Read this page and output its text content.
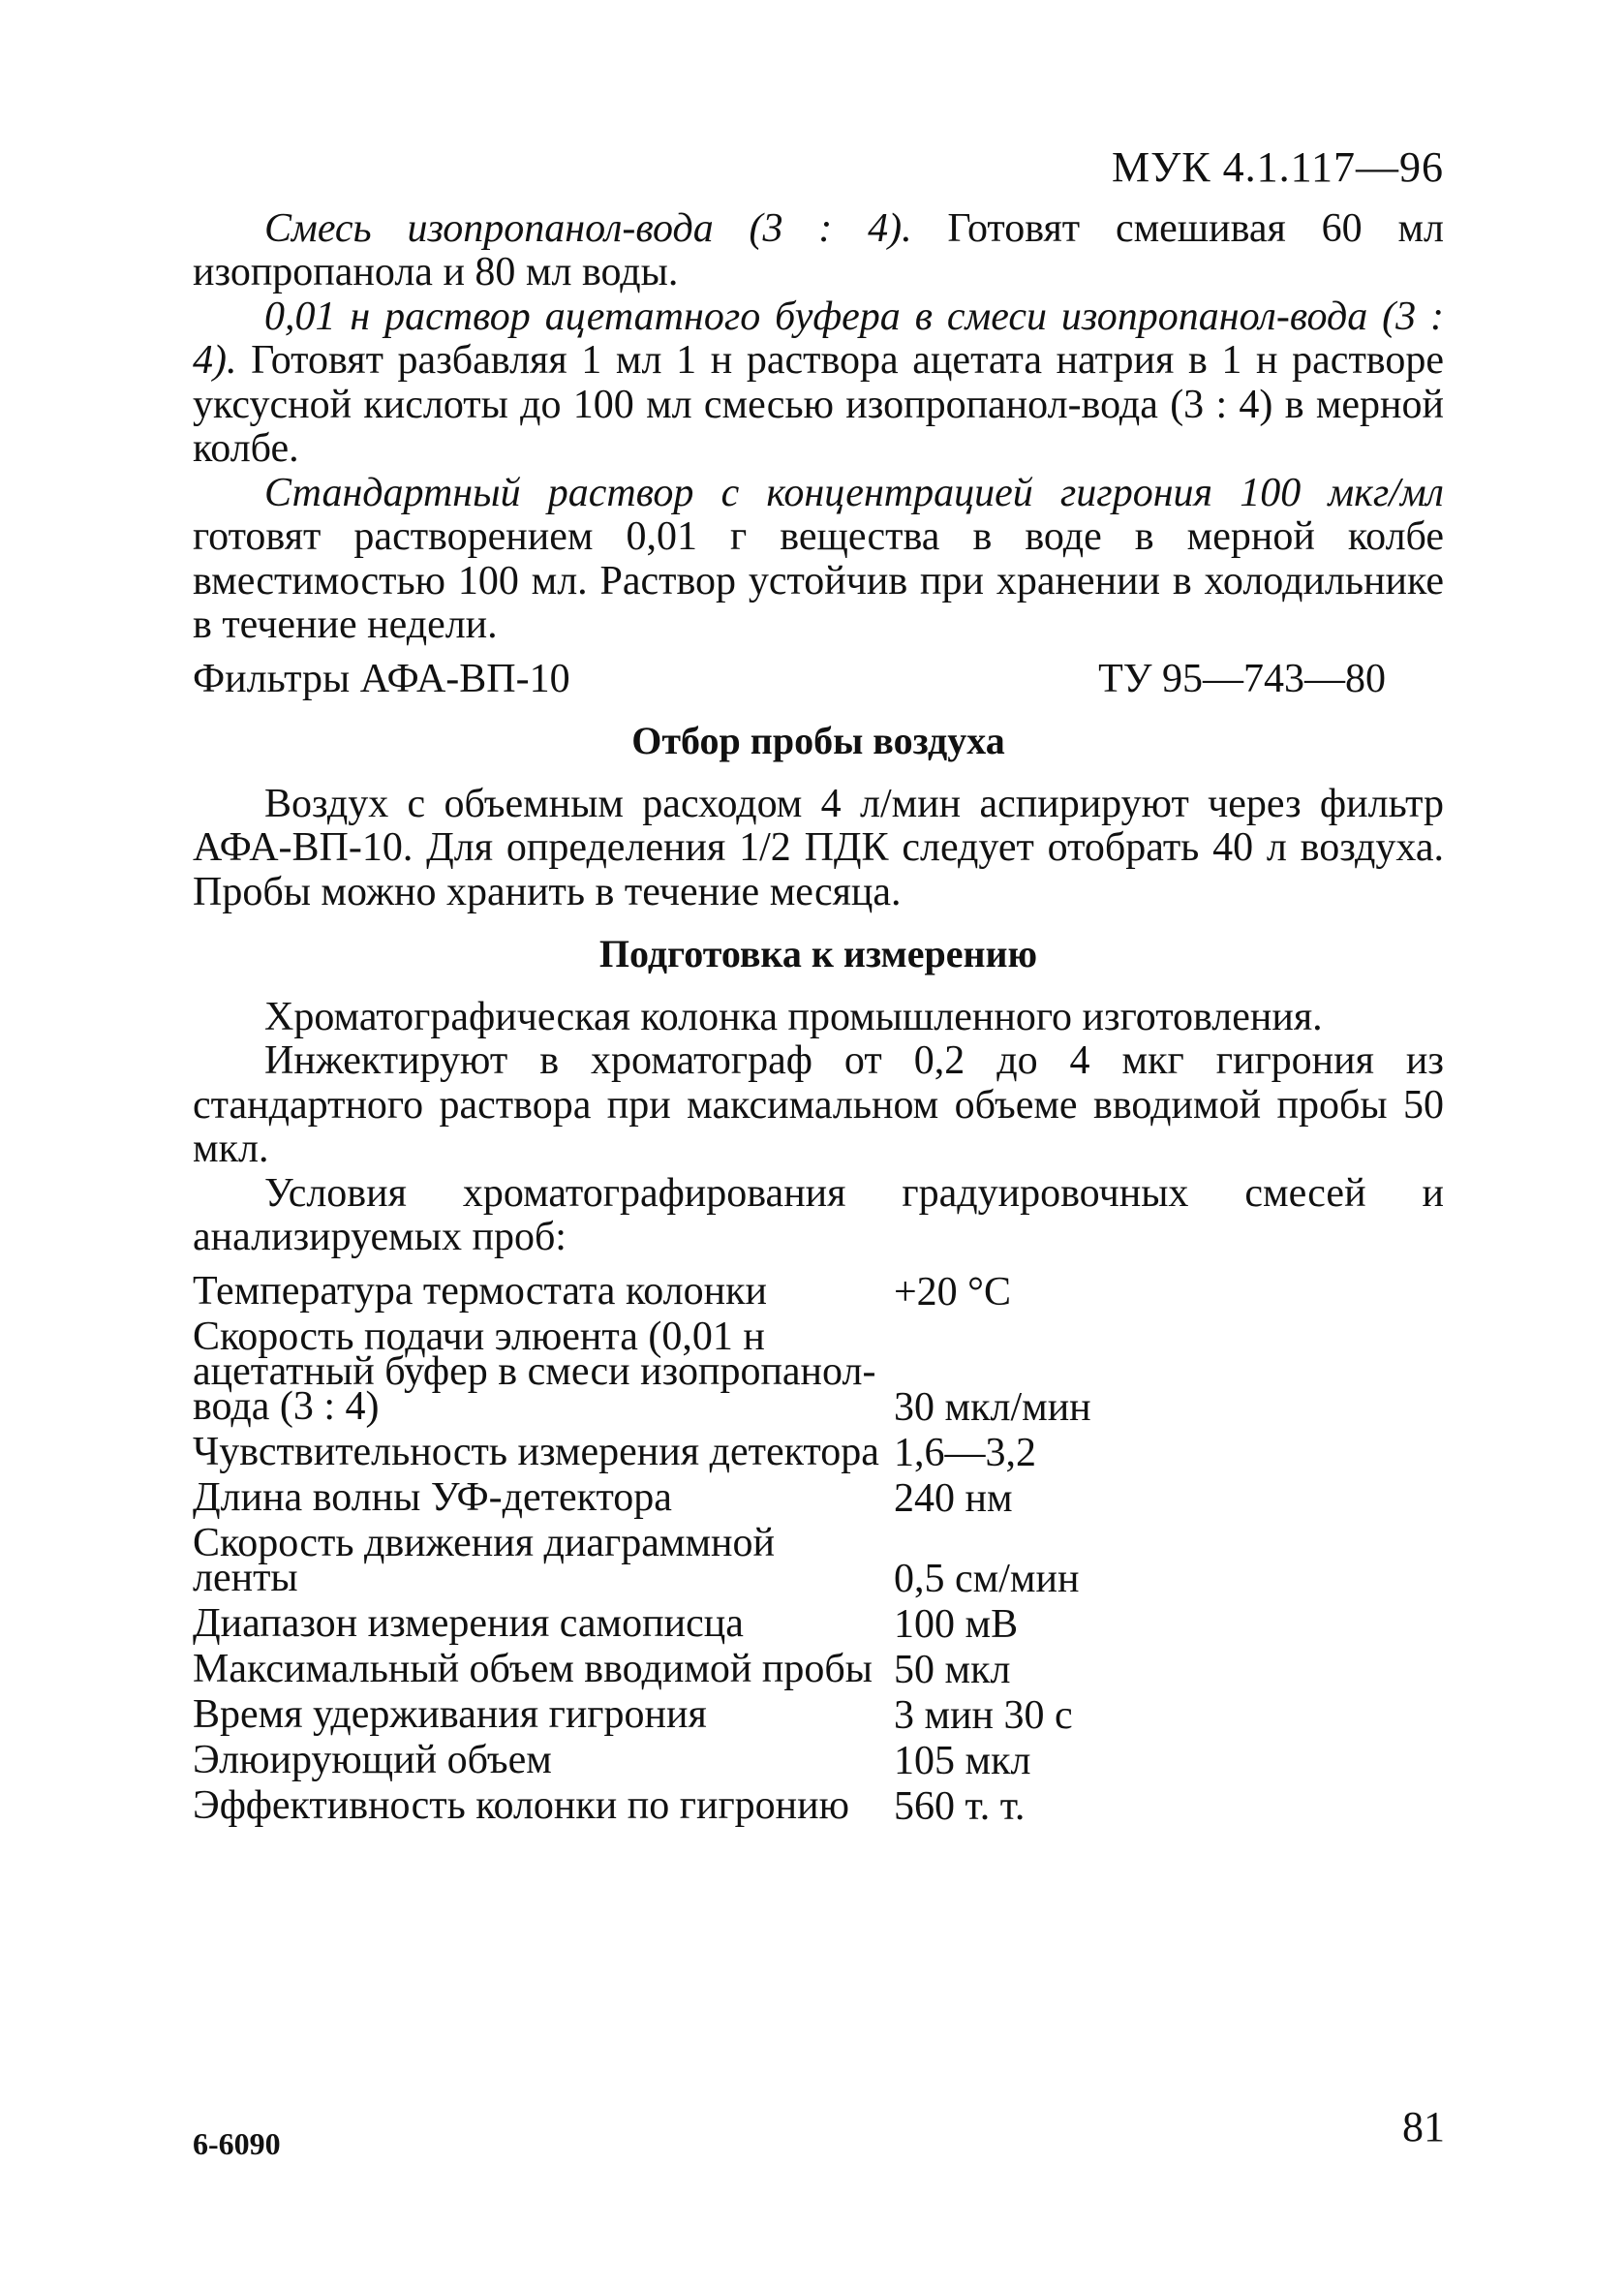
МУК 4.1.117—96

Смесь изопропанол-вода (3 : 4). Готовят смешивая 60 мл изопропанола и 80 мл воды.

0,01 н раствор ацетатного буфера в смеси изопропанол-вода (3 : 4). Готовят разбавляя 1 мл 1 н раствора ацетата натрия в 1 н растворе уксусной кислоты до 100 мл смесью изопропанол-вода (3 : 4) в мерной колбе.

Стандартный раствор с концентрацией гигрония 100 мкг/мл готовят растворением 0,01 г вещества в воде в мерной колбе вместимостью 100 мл. Раствор устойчив при хранении в холодильнике в течение недели.

Фильтры АФА-ВП-10	ТУ 95—743—80
Отбор пробы воздуха

Воздух с объемным расходом 4 л/мин аспирируют через фильтр АФА-ВП-10. Для определения 1/2 ПДК следует отобрать 40 л воздуха. Пробы можно хранить в течение месяца.

Подготовка к измерению

Хроматографическая колонка промышленного изготовления.

Инжектируют в хроматограф от 0,2 до 4 мкг гигрония из стандартного раствора при максимальном объеме вводимой пробы 50 мкл.

Условия хроматографирования градуировочных смесей и анализируемых проб:

Температура термостата колонки	+20 °С
Скорость подачи элюента (0,01 н ацетатный буфер в смеси изопропанол-вода (3 : 4)	30 мкл/мин
Чувствительность измерения детектора	1,6—3,2
Длина волны УФ-детектора	240 нм
Скорость движения диаграммной ленты	0,5 см/мин
Диапазон измерения самописца	100 мВ
Максимальный объем вводимой пробы	50 мкл
Время удерживания гигрония	3 мин 30 с
Элюирующий объем	105 мкл
Эффективность колонки по гигронию	560 т. т.
6-6090	81
